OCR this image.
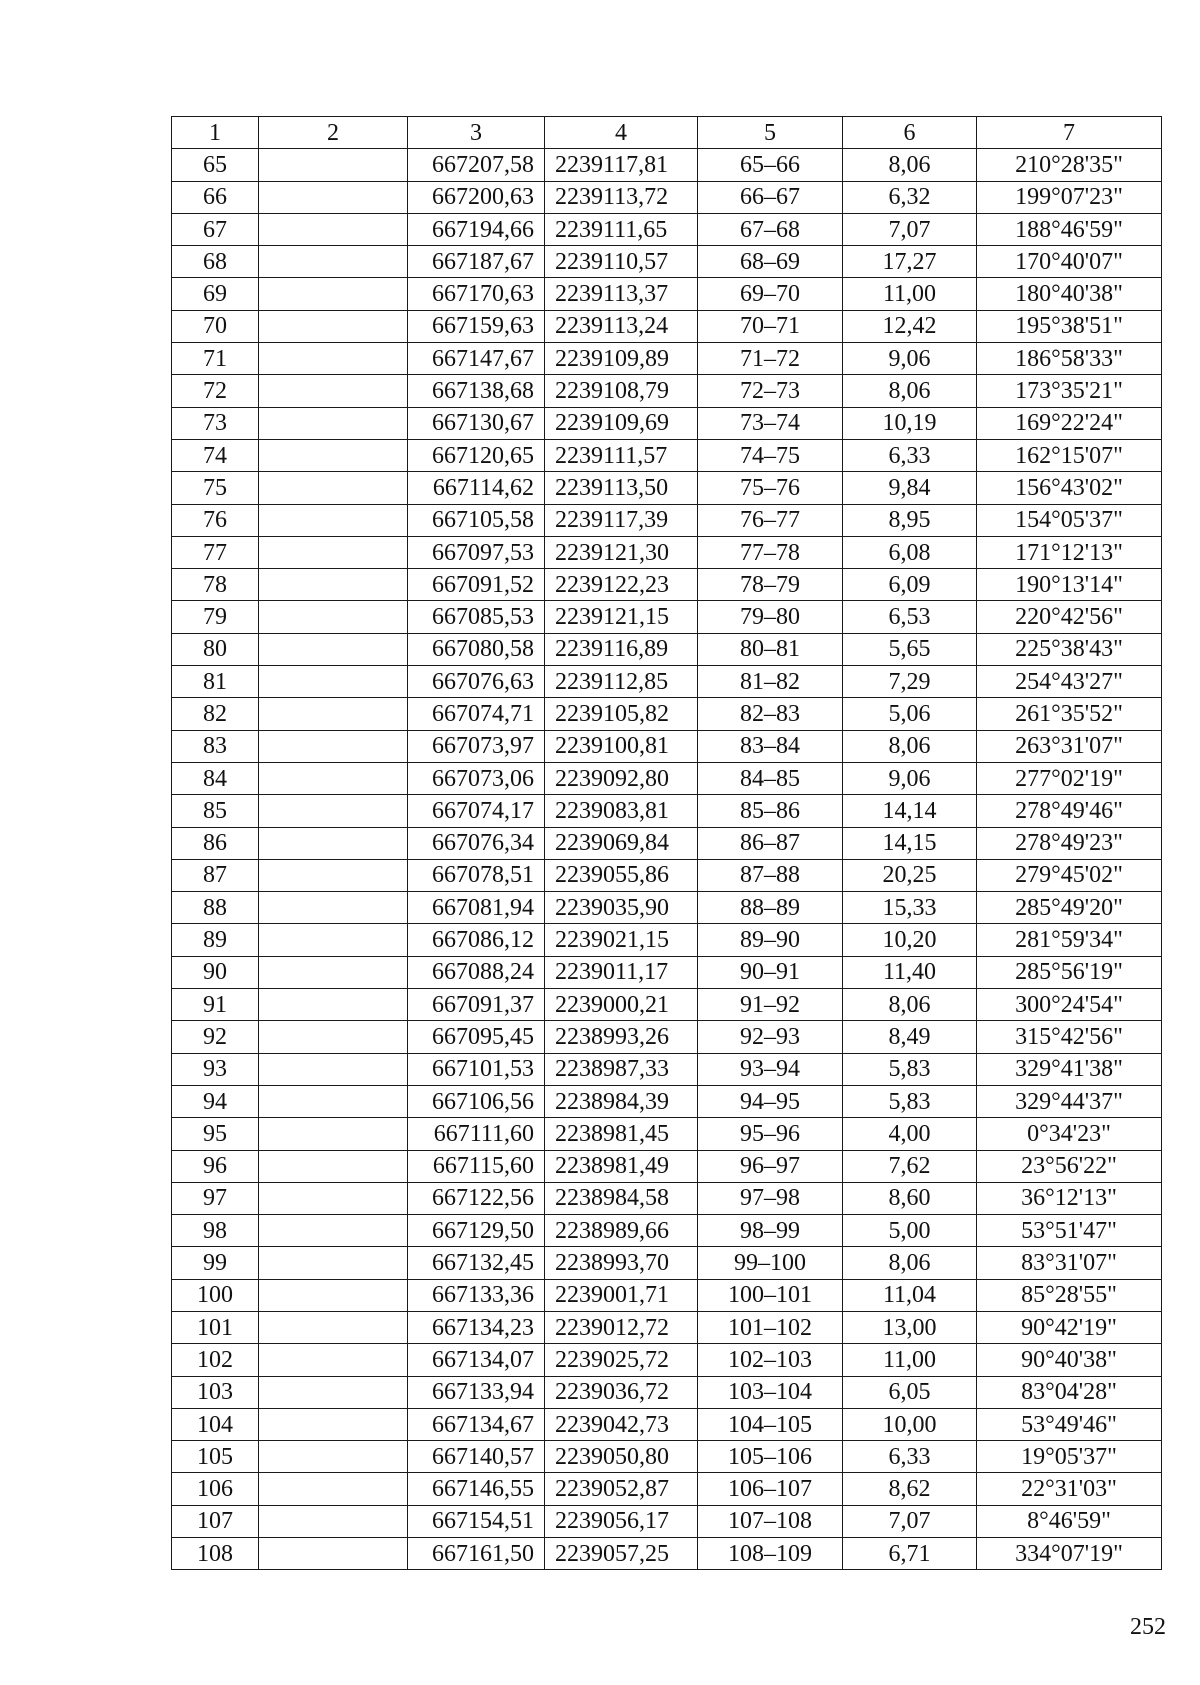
1	2	3	4	5	6	7
65		667207,58	2239117,81	65–66	8,06	210°28'35"
66		667200,63	2239113,72	66–67	6,32	199°07'23"
67		667194,66	2239111,65	67–68	7,07	188°46'59"
68		667187,67	2239110,57	68–69	17,27	170°40'07"
69		667170,63	2239113,37	69–70	11,00	180°40'38"
70		667159,63	2239113,24	70–71	12,42	195°38'51"
71		667147,67	2239109,89	71–72	9,06	186°58'33"
72		667138,68	2239108,79	72–73	8,06	173°35'21"
73		667130,67	2239109,69	73–74	10,19	169°22'24"
74		667120,65	2239111,57	74–75	6,33	162°15'07"
75		667114,62	2239113,50	75–76	9,84	156°43'02"
76		667105,58	2239117,39	76–77	8,95	154°05'37"
77		667097,53	2239121,30	77–78	6,08	171°12'13"
78		667091,52	2239122,23	78–79	6,09	190°13'14"
79		667085,53	2239121,15	79–80	6,53	220°42'56"
80		667080,58	2239116,89	80–81	5,65	225°38'43"
81		667076,63	2239112,85	81–82	7,29	254°43'27"
82		667074,71	2239105,82	82–83	5,06	261°35'52"
83		667073,97	2239100,81	83–84	8,06	263°31'07"
84		667073,06	2239092,80	84–85	9,06	277°02'19"
85		667074,17	2239083,81	85–86	14,14	278°49'46"
86		667076,34	2239069,84	86–87	14,15	278°49'23"
87		667078,51	2239055,86	87–88	20,25	279°45'02"
88		667081,94	2239035,90	88–89	15,33	285°49'20"
89		667086,12	2239021,15	89–90	10,20	281°59'34"
90		667088,24	2239011,17	90–91	11,40	285°56'19"
91		667091,37	2239000,21	91–92	8,06	300°24'54"
92		667095,45	2238993,26	92–93	8,49	315°42'56"
93		667101,53	2238987,33	93–94	5,83	329°41'38"
94		667106,56	2238984,39	94–95	5,83	329°44'37"
95		667111,60	2238981,45	95–96	4,00	0°34'23"
96		667115,60	2238981,49	96–97	7,62	23°56'22"
97		667122,56	2238984,58	97–98	8,60	36°12'13"
98		667129,50	2238989,66	98–99	5,00	53°51'47"
99		667132,45	2238993,70	99–100	8,06	83°31'07"
100		667133,36	2239001,71	100–101	11,04	85°28'55"
101		667134,23	2239012,72	101–102	13,00	90°42'19"
102		667134,07	2239025,72	102–103	11,00	90°40'38"
103		667133,94	2239036,72	103–104	6,05	83°04'28"
104		667134,67	2239042,73	104–105	10,00	53°49'46"
105		667140,57	2239050,80	105–106	6,33	19°05'37"
106		667146,55	2239052,87	106–107	8,62	22°31'03"
107		667154,51	2239056,17	107–108	7,07	8°46'59"
108		667161,50	2239057,25	108–109	6,71	334°07'19"
252
